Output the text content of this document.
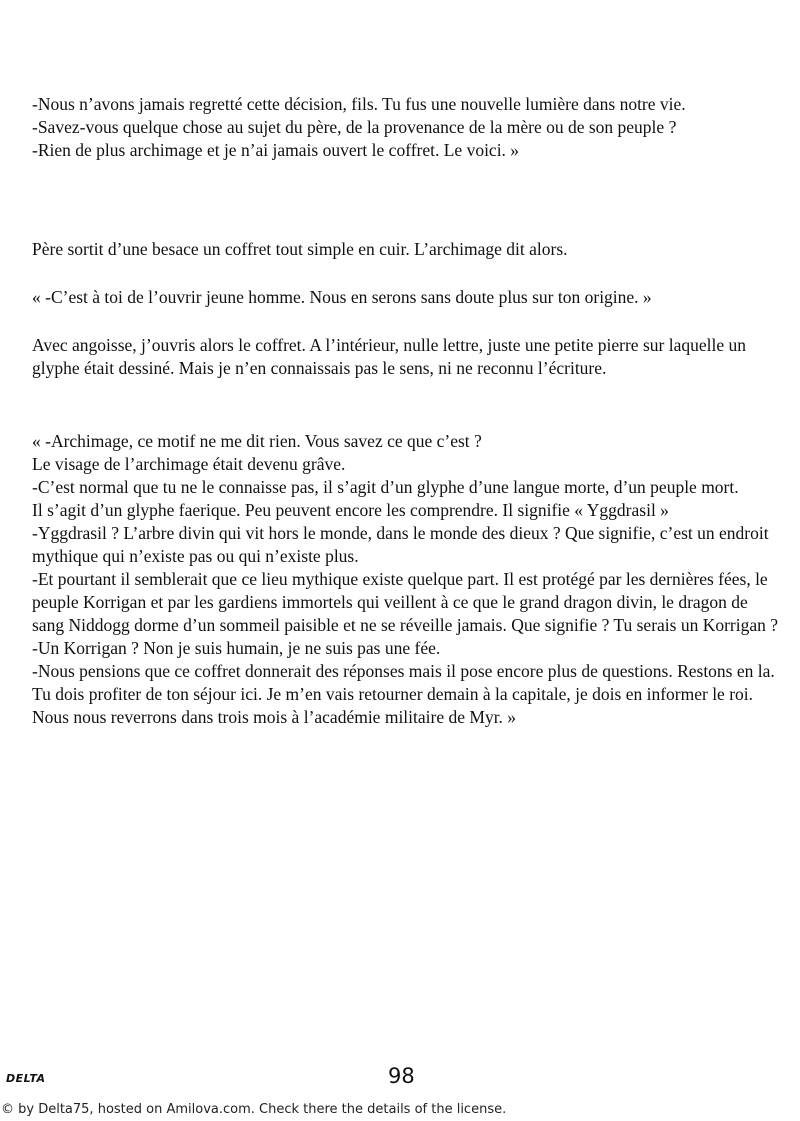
-Nous n’avons jamais regretté cette décision, fils. Tu fus une nouvelle lumière dans notre vie.

-Savez-vous quelque chose au sujet du père, de la provenance de la mère ou de son peuple ?

-Rien de plus archimage et je n’ai jamais ouvert le coffret. Le voici. »

Père sortit d’une besace un coffret tout simple en cuir. L’archimage dit alors.

« -C’est à toi de l’ouvrir jeune homme. Nous en serons sans doute plus sur ton origine. »

Avec angoisse, j’ouvris alors le coffret. A l’intérieur, nulle lettre, juste une petite pierre sur laquelle un glyphe était dessiné. Mais je n’en connaissais pas le sens, ni ne reconnu l’écriture.

« -Archimage, ce motif ne me dit rien. Vous savez ce que c’est ?

Le visage de l’archimage était devenu grâve.

-C’est normal que tu ne le connaisse pas, il s’agit d’un glyphe d’une langue morte, d’un peuple mort.

Il s’agit d’un glyphe faerique. Peu peuvent encore les comprendre. Il signifie « Yggdrasil »

-Yggdrasil ? L’arbre divin qui vit hors le monde, dans le monde des dieux ? Que signifie, c’est un endroit mythique qui n’existe pas ou qui n’existe plus.

-Et pourtant il semblerait que ce lieu mythique existe quelque part. Il est protégé par les dernières fées, le peuple Korrigan et par les gardiens immortels qui veillent à ce que le grand dragon divin, le dragon de sang Niddogg dorme d’un sommeil paisible et ne se réveille jamais. Que signifie ? Tu serais un Korrigan ?

-Un Korrigan ? Non je suis humain, je ne suis pas une fée.

-Nous pensions que ce coffret donnerait des réponses mais il pose encore plus de questions. Restons en la. Tu dois profiter de ton séjour ici. Je m’en vais retourner demain à la capitale, je dois en informer le roi. Nous nous reverrons dans trois mois à l’académie militaire de Myr. »

DELTA	98
© by Delta75, hosted on Amilova.com. Check there the details of the license.
